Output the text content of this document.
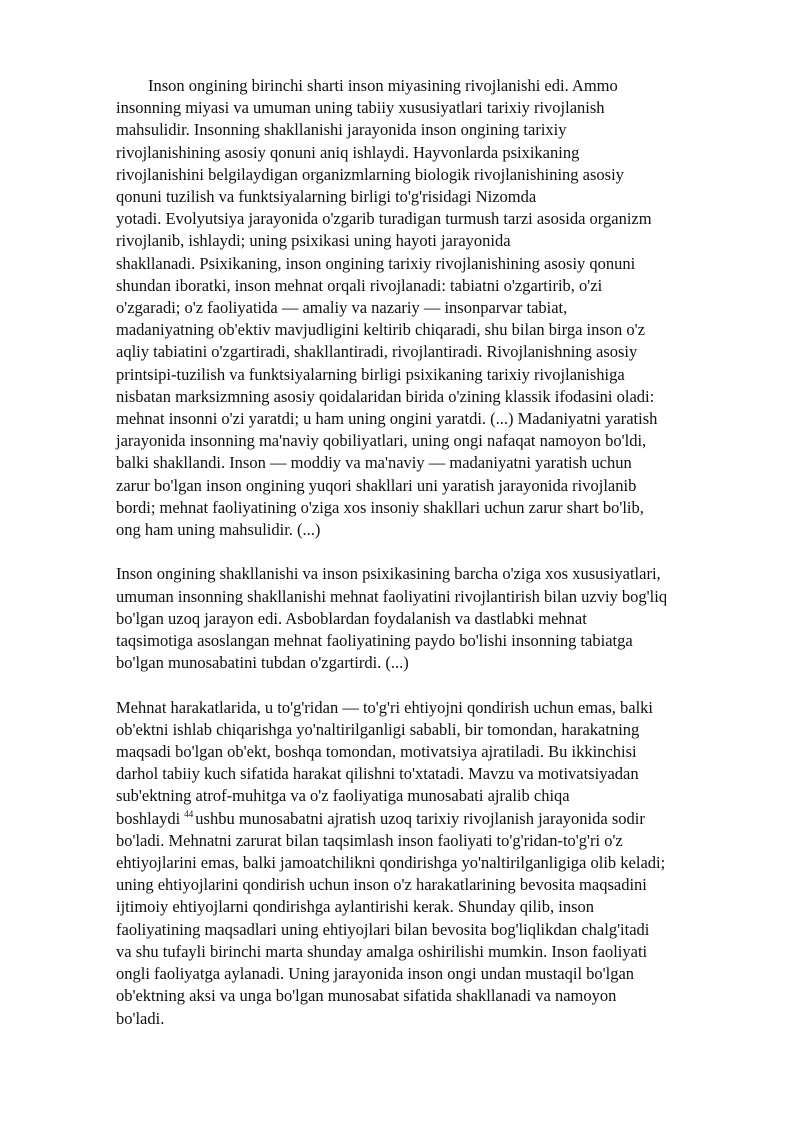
Inson ongining birinchi sharti inson miyasining rivojlanishi edi. Ammo
insonning miyasi va umuman uning tabiiy xususiyatlari tarixiy rivojlanish
mahsulidir. Insonning shakllanishi jarayonida inson ongining tarixiy
rivojlanishining asosiy qonuni aniq ishlaydi. Hayvonlarda psixikaning
rivojlanishini belgilaydigan organizmlarning biologik rivojlanishining asosiy
qonuni tuzilish va funktsiyalarning birligi to'g'risidagi Nizomda
yotadi. Evolyutsiya jarayonida o'zgarib turadigan turmush tarzi asosida organizm
rivojlanib, ishlaydi; uning psixikasi uning hayoti jarayonida
shakllanadi. Psixikaning, inson ongining tarixiy rivojlanishining asosiy qonuni
shundan iboratki, inson mehnat orqali rivojlanadi: tabiatni o'zgartirib, o'zi
o'zgaradi; o'z faoliyatida — amaliy va nazariy — insonparvar tabiat,
madaniyatning ob'ektiv mavjudligini keltirib chiqaradi, shu bilan birga inson o'z
aqliy tabiatini o'zgartiradi, shakllantiradi, rivojlantiradi. Rivojlanishning asosiy
printsipi-tuzilish va funktsiyalarning birligi psixikaning tarixiy rivojlanishiga
nisbatan marksizmning asosiy qoidalaridan birida o'zining klassik ifodasini oladi:
mehnat insonni o'zi yaratdi; u ham uning ongini yaratdi. (...) Madaniyatni yaratish
jarayonida insonning ma'naviy qobiliyatlari, uning ongi nafaqat namoyon bo'ldi,
balki shakllandi. Inson — moddiy va ma'naviy — madaniyatni yaratish uchun
zarur bo'lgan inson ongining yuqori shakllari uni yaratish jarayonida rivojlanib
bordi; mehnat faoliyatining o'ziga xos insoniy shakllari uchun zarur shart bo'lib,
ong ham uning mahsulidir. (...)

Inson ongining shakllanishi va inson psixikasining barcha o'ziga xos xususiyatlari,
umuman insonning shakllanishi mehnat faoliyatini rivojlantirish bilan uzviy bog'liq
bo'lgan uzoq jarayon edi. Asboblardan foydalanish va dastlabki mehnat
taqsimotiga asoslangan mehnat faoliyatining paydo bo'lishi insonning tabiatga
bo'lgan munosabatini tubdan o'zgartirdi. (...)

Mehnat harakatlarida, u to'g'ridan — to'g'ri ehtiyojni qondirish uchun emas, balki
ob'ektni ishlab chiqarishga yo'naltirilganligi sababli, bir tomondan, harakatning
maqsadi bo'lgan ob'ekt, boshqa tomondan, motivatsiya ajratiladi. Bu ikkinchisi
darhol tabiiy kuch sifatida harakat qilishni to'xtatadi. Mavzu va motivatsiyadan
sub'ektning atrof-muhitga va o'z faoliyatiga munosabati ajralib chiqa
boshlaydi $^{44}$ ushbu munosabatni ajratish uzoq tarixiy rivojlanish jarayonida sodir
bo'ladi. Mehnatni zarurat bilan taqsimlash inson faoliyati to'g'ridan-to'g'ri o'z
ehtiyojlarini emas, balki jamoatchilikni qondirishga yo'naltirilganligiga olib keladi;
uning ehtiyojlarini qondirish uchun inson o'z harakatlarining bevosita maqsadini
ijtimoiy ehtiyojlarni qondirishga aylantirishi kerak. Shunday qilib, inson
faoliyatining maqsadlari uning ehtiyojlari bilan bevosita bog'liqlikdan chalg'itadi
va shu tufayli birinchi marta shunday amalga oshirilishi mumkin. Inson faoliyati
ongli faoliyatga aylanadi. Uning jarayonida inson ongi undan mustaqil bo'lgan
ob'ektning aksi va unga bo'lgan munosabat sifatida shakllanadi va namoyon
bo'ladi.
